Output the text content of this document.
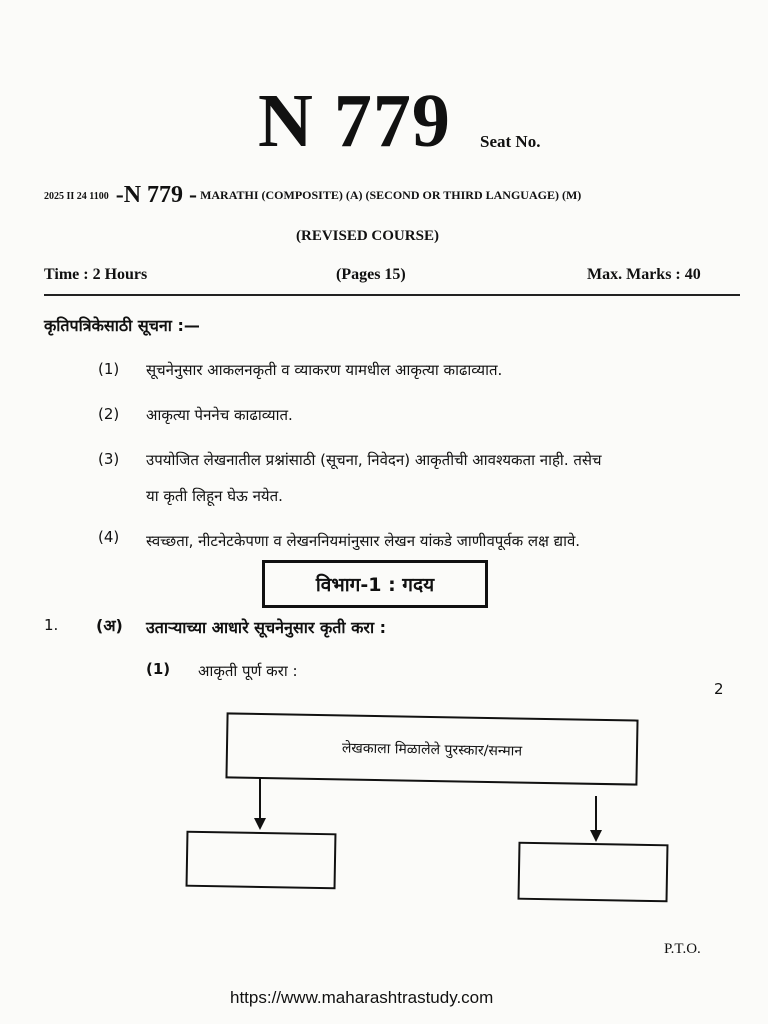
N 779 Seat No.
2025 II 24 1100 -N 779 - MARATHI (COMPOSITE) (A) (SECOND OR THIRD LANGUAGE) (M)
(REVISED COURSE)
Time : 2 Hours	(Pages 15)	Max. Marks : 40
कृतिपत्रिकेसाठी सूचना :—
(1) सूचनेनुसार आकलनकृती व व्याकरण यामधील आकृत्या काढाव्यात.
(2) आकृत्या पेननेच काढाव्यात.
(3) उपयोजित लेखनातील प्रश्नांसाठी (सूचना, निवेदन) आकृतीची आवश्यकता नाही. तसेच
या कृती लिहून घेऊ नयेत.
(4) स्वच्छता, नीटनेटकेपणा व लेखननियमांनुसार लेखन यांकडे जाणीवपूर्वक लक्ष द्यावे.
विभाग-1 : गदय
1. (अ) उताऱ्याच्या आधारे सूचनेनुसार कृती करा :
(1) आकृती पूर्ण करा :
2
लेखकाला मिळालेले पुरस्कार/सन्मान
P.T.O.
https://www.maharashtrastudy.com
